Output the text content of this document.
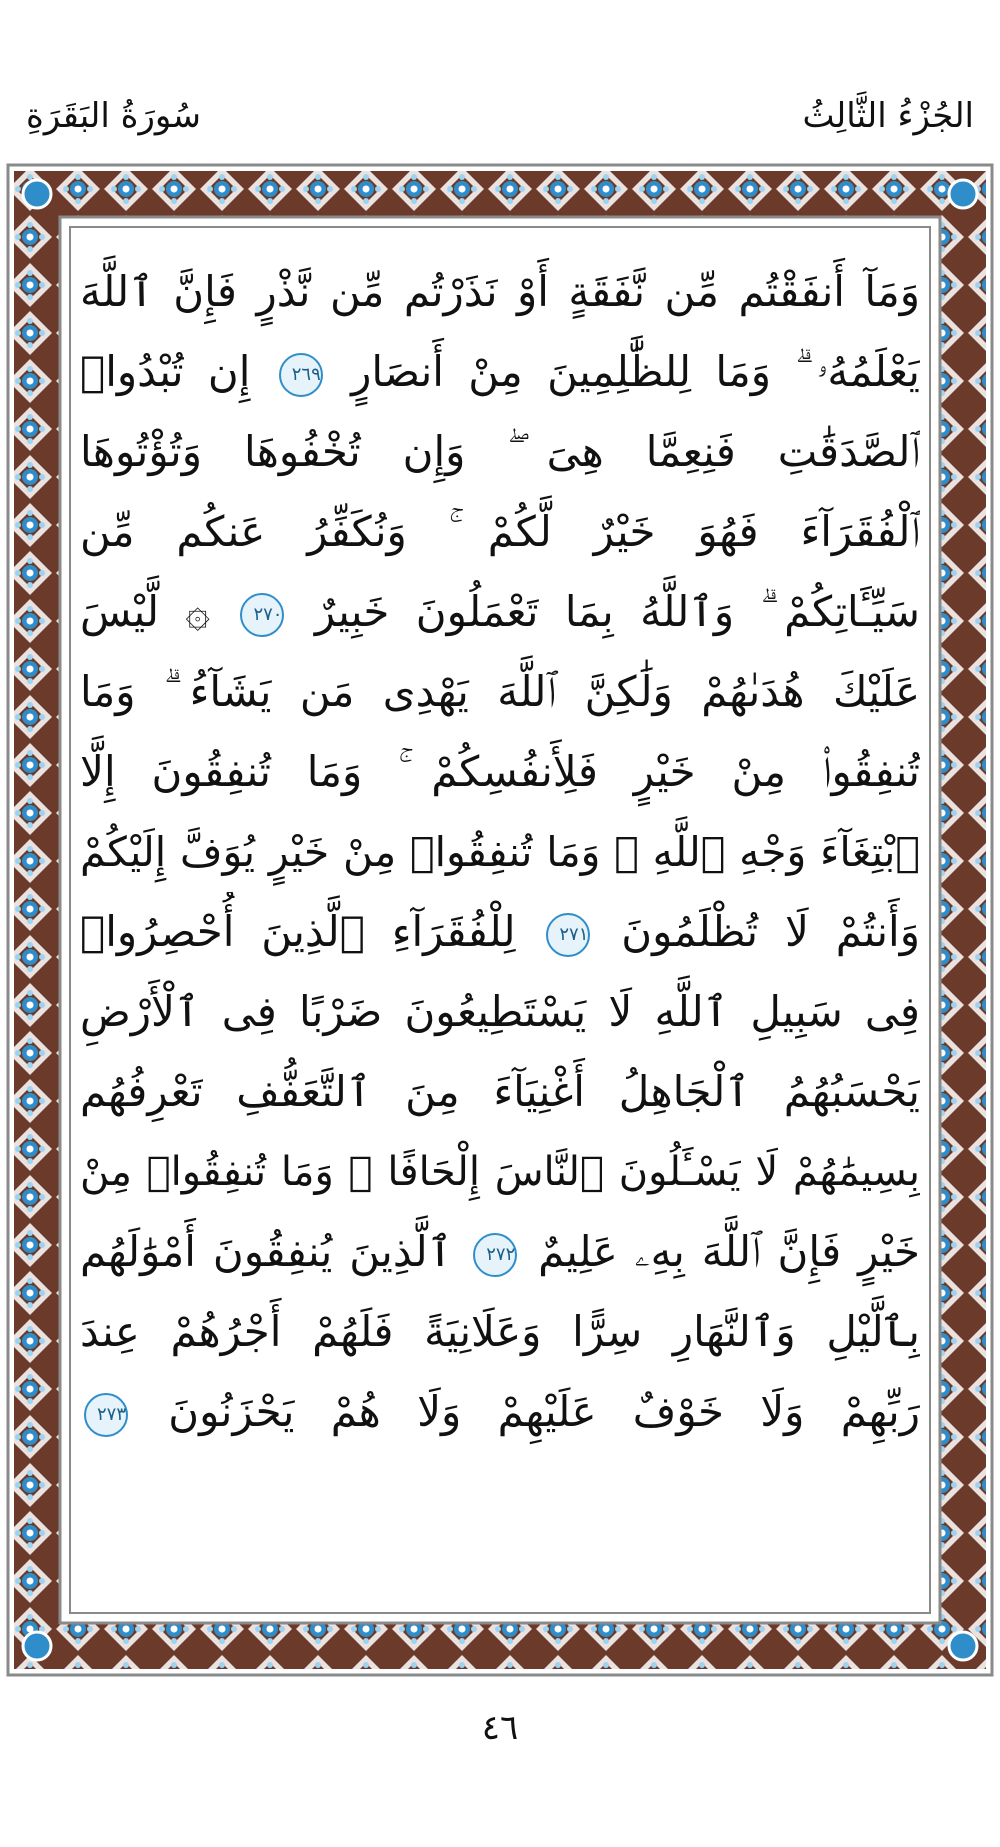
سُورَةُ البَقَرَةِ	الجُزْءُ الثَّالِثُ
وَمَآ أَنفَقْتُم مِّن نَّفَقَةٍ أَوْ نَذَرْتُم مِّن نَّذْرٍ فَإِنَّ ٱللَّهَ
يَعْلَمُهُۥ ۗ وَمَا لِلظَّٰلِمِينَ مِنْ أَنصَارٍ ٢٦٩ إِن تُبْدُوا۟
ٱلصَّدَقَٰتِ فَنِعِمَّا هِىَ ۖ وَإِن تُخْفُوهَا وَتُؤْتُوهَا
ٱلْفُقَرَآءَ فَهُوَ خَيْرٌ لَّكُمْ ۚ وَنُكَفِّرُ عَنكُم مِّن
سَيِّـَٔاتِكُمْ ۗ وَٱللَّهُ بِمَا تَعْمَلُونَ خَبِيرٌ ٢٧٠ ۞ لَّيْسَ
عَلَيْكَ هُدَىٰهُمْ وَلَٰكِنَّ ٱللَّهَ يَهْدِى مَن يَشَآءُ ۗ وَمَا
تُنفِقُوا۟ مِنْ خَيْرٍ فَلِأَنفُسِكُمْ ۚ وَمَا تُنفِقُونَ إِلَّا
ٱبْتِغَآءَ وَجْهِ ٱللَّهِ ۚ وَمَا تُنفِقُوا۟ مِنْ خَيْرٍ يُوَفَّ إِلَيْكُمْ
وَأَنتُمْ لَا تُظْلَمُونَ ٢٧١ لِلْفُقَرَآءِ ٱلَّذِينَ أُحْصِرُوا۟
فِى سَبِيلِ ٱللَّهِ لَا يَسْتَطِيعُونَ ضَرْبًا فِى ٱلْأَرْضِ
يَحْسَبُهُمُ ٱلْجَاهِلُ أَغْنِيَآءَ مِنَ ٱلتَّعَفُّفِ تَعْرِفُهُم
بِسِيمَٰهُمْ لَا يَسْـَٔلُونَ ٱلنَّاسَ إِلْحَافًا ۗ وَمَا تُنفِقُوا۟ مِنْ
خَيْرٍ فَإِنَّ ٱللَّهَ بِهِۦ عَلِيمٌ ٢٧٢ ٱلَّذِينَ يُنفِقُونَ أَمْوَٰلَهُم
بِٱلَّيْلِ وَٱلنَّهَارِ سِرًّا وَعَلَانِيَةً فَلَهُمْ أَجْرُهُمْ عِندَ
رَبِّهِمْ وَلَا خَوْفٌ عَلَيْهِمْ وَلَا هُمْ يَحْزَنُونَ ٢٧٣
٤٦
